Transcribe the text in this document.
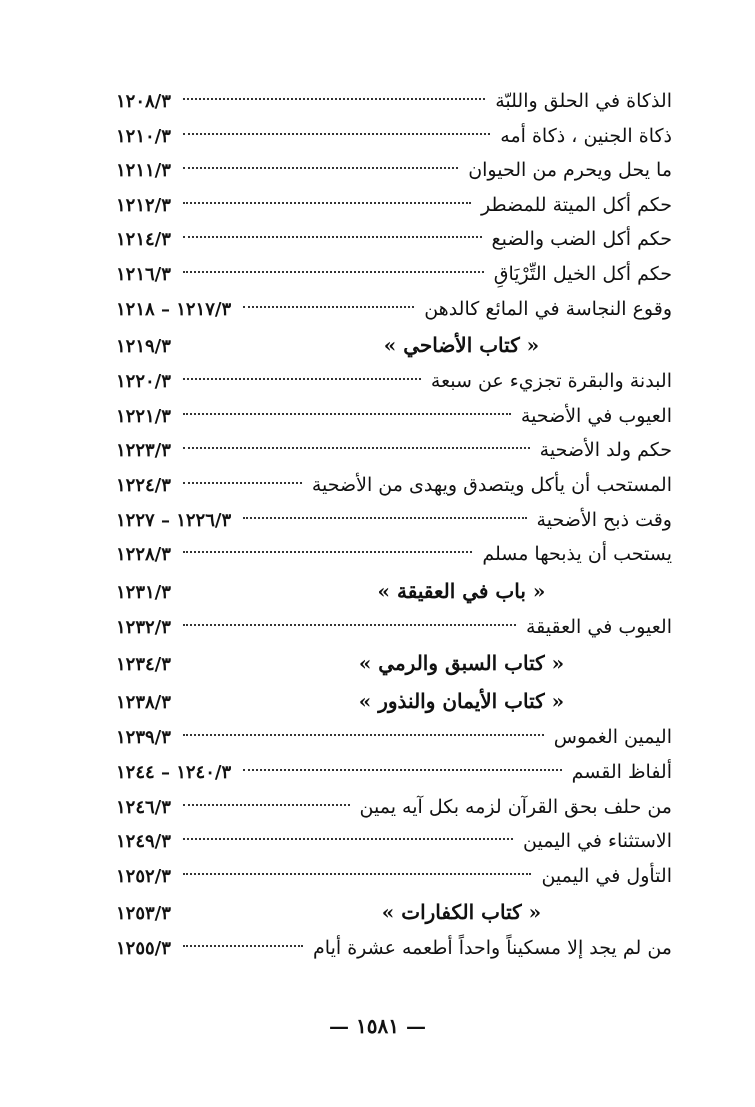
الذكاة في الحلق واللبّة
١٢٠٨/٣
ذكاة الجنين ، ذكاة أمه
١٢١٠/٣
ما يحل ويحرم من الحيوان
١٢١١/٣
حكم أكل الميتة للمضطر
١٢١٢/٣
حكم أكل الضب والضبع
١٢١٤/٣
حكم أكل الخيل التِّرْيَاقِ
١٢١٦/٣
وقوع النجاسة في المائع كالدهن
١٢١٧/٣ – ١٢١٨
« كتاب الأضاحي »
١٢١٩/٣
البدنة والبقرة تجزيء عن سبعة
١٢٢٠/٣
العيوب في الأضحية
١٢٢١/٣
حكم ولد الأضحية
١٢٢٣/٣
المستحب أن يأكل ويتصدق ويهدى من الأضحية
١٢٢٤/٣
وقت ذبح الأضحية
١٢٢٦/٣ – ١٢٢٧
يستحب أن يذبحها مسلم
١٢٢٨/٣
« باب في العقيقة »
١٢٣١/٣
العيوب في العقيقة
١٢٣٢/٣
« كتاب السبق والرمي »
١٢٣٤/٣
« كتاب الأيمان والنذور »
١٢٣٨/٣
اليمين الغموس
١٢٣٩/٣
ألفاظ القسم
١٢٤٠/٣ – ١٢٤٤
من حلف بحق القرآن لزمه بكل آيه يمين
١٢٤٦/٣
الاستثناء في اليمين
١٢٤٩/٣
التأول في اليمين
١٢٥٢/٣
« كتاب الكفارات »
١٢٥٣/٣
من لم يجد إلا مسكيناً واحداً أطعمه عشرة أيام
١٢٥٥/٣
— ١٥٨١ —
